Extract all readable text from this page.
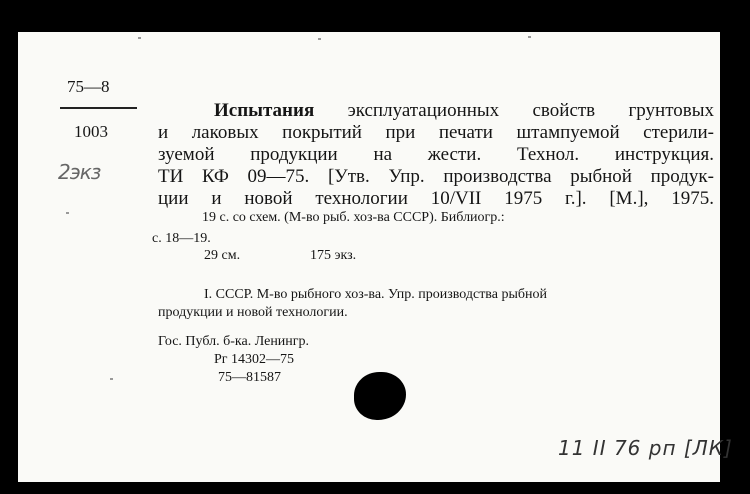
75—8
1003
2экз
Испытания эксплуатационных свойств грунтовых
и лаковых покрытий при печати штампуемой стерили-
зуемой продукции на жести. Технол. инструкция.
ТИ КФ 09—75. [Утв. Упр. производства рыбной продук-
ции и новой технологии 10/VII 1975 г.]. [М.], 1975.
19 с. со схем. (М-во рыб. хоз-ва СССР). Библиогр.:
с. 18—19.
29 см.	175 экз.
I. СССР. М-во рыбного хоз-ва. Упр. производства рыбной
продукции и новой технологии.
Гос. Публ. б-ка. Ленингр.
Рг 14302—75
75—81587
11 II 76 рп [ЛК]
